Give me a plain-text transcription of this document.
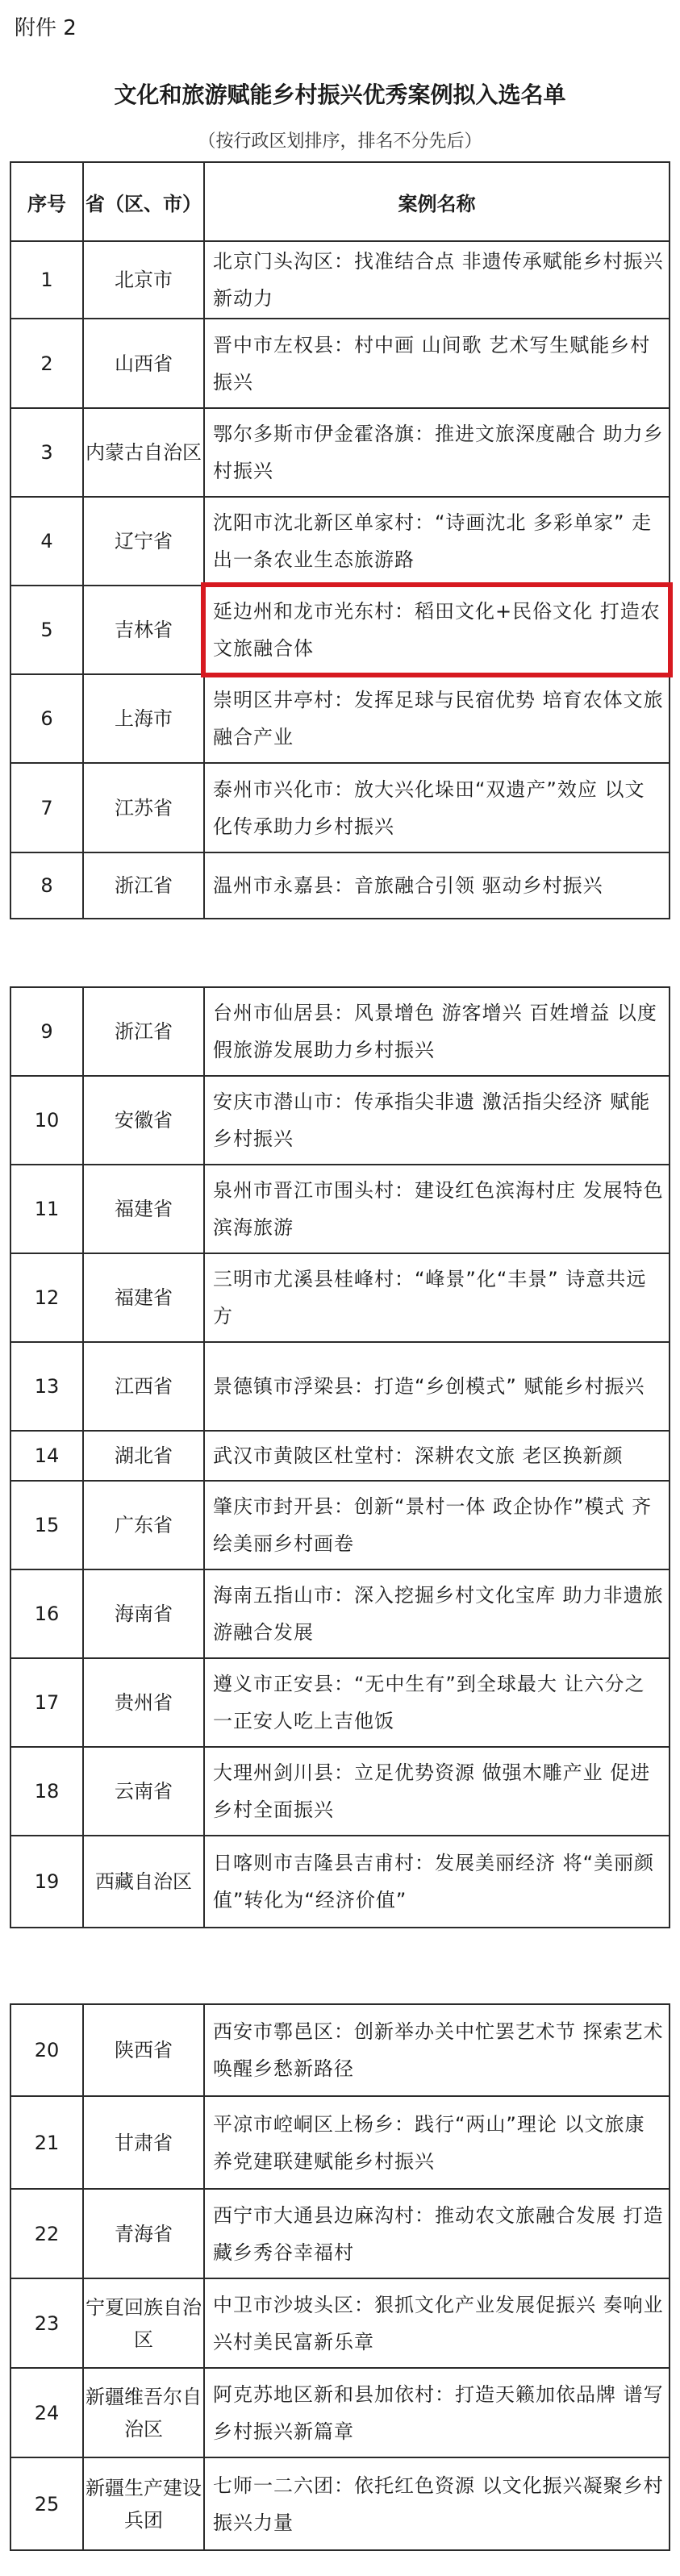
附件 2
文化和旅游赋能乡村振兴优秀案例拟入选名单
（按行政区划排序，排名不分先后）
序号	省（区、市）	案例名称
1	北京市	北京门头沟区：找准结合点 非遗传承赋能乡村振兴新动力
2	山西省	晋中市左权县：村中画 山间歌 艺术写生赋能乡村振兴
3	内蒙古自治区	鄂尔多斯市伊金霍洛旗：推进文旅深度融合 助力乡村振兴
4	辽宁省	沈阳市沈北新区单家村：“诗画沈北 多彩单家” 走出一条农业生态旅游路
5	吉林省	延边州和龙市光东村：稻田文化+民俗文化 打造农文旅融合体
6	上海市	崇明区井亭村：发挥足球与民宿优势 培育农体文旅融合产业
7	江苏省	泰州市兴化市：放大兴化垛田“双遗产”效应 以文化传承助力乡村振兴
8	浙江省	温州市永嘉县：音旅融合引领 驱动乡村振兴
9	浙江省	台州市仙居县：风景增色 游客增兴 百姓增益 以度假旅游发展助力乡村振兴
10	安徽省	安庆市潜山市：传承指尖非遗 激活指尖经济 赋能乡村振兴
11	福建省	泉州市晋江市围头村：建设红色滨海村庄 发展特色滨海旅游
12	福建省	三明市尤溪县桂峰村：“峰景”化“丰景” 诗意共远方
13	江西省	景德镇市浮梁县：打造“乡创模式” 赋能乡村振兴
14	湖北省	武汉市黄陂区杜堂村：深耕农文旅 老区换新颜
15	广东省	肇庆市封开县：创新“景村一体 政企协作”模式 齐绘美丽乡村画卷
16	海南省	海南五指山市：深入挖掘乡村文化宝库 助力非遗旅游融合发展
17	贵州省	遵义市正安县：“无中生有”到全球最大 让六分之一正安人吃上吉他饭
18	云南省	大理州剑川县：立足优势资源 做强木雕产业 促进乡村全面振兴
19	西藏自治区	日喀则市吉隆县吉甫村：发展美丽经济 将“美丽颜值”转化为“经济价值”
20	陕西省	西安市鄠邑区：创新举办关中忙罢艺术节 探索艺术唤醒乡愁新路径
21	甘肃省	平凉市崆峒区上杨乡：践行“两山”理论 以文旅康养党建联建赋能乡村振兴
22	青海省	西宁市大通县边麻沟村：推动农文旅融合发展 打造藏乡秀谷幸福村
23	宁夏回族自治区	中卫市沙坡头区：狠抓文化产业发展促振兴 奏响业兴村美民富新乐章
24	新疆维吾尔自治区	阿克苏地区新和县加依村：打造天籁加依品牌 谱写乡村振兴新篇章
25	新疆生产建设兵团	七师一二六团：依托红色资源 以文化振兴凝聚乡村振兴力量
